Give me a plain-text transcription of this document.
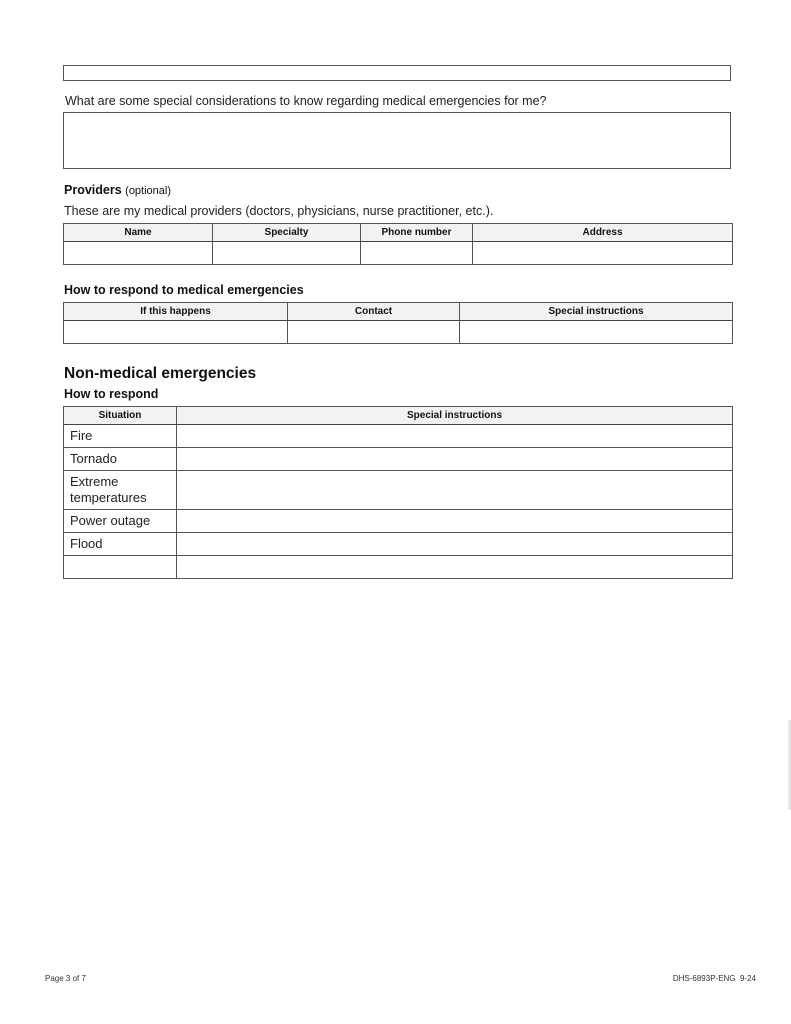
What are some special considerations to know regarding medical emergencies for me?
Providers (optional)
These are my medical providers (doctors, physicians, nurse practitioner, etc.).
Name	Specialty	Phone number	Address

How to respond to medical emergencies
If this happens	Contact	Special instructions

Non-medical emergencies
How to respond
Situation	Special instructions
Fire	
Tornado	
Extreme temperatures	
Power outage	
Flood	

Page 3 of 7	DHS-6893P-ENG  9-24
